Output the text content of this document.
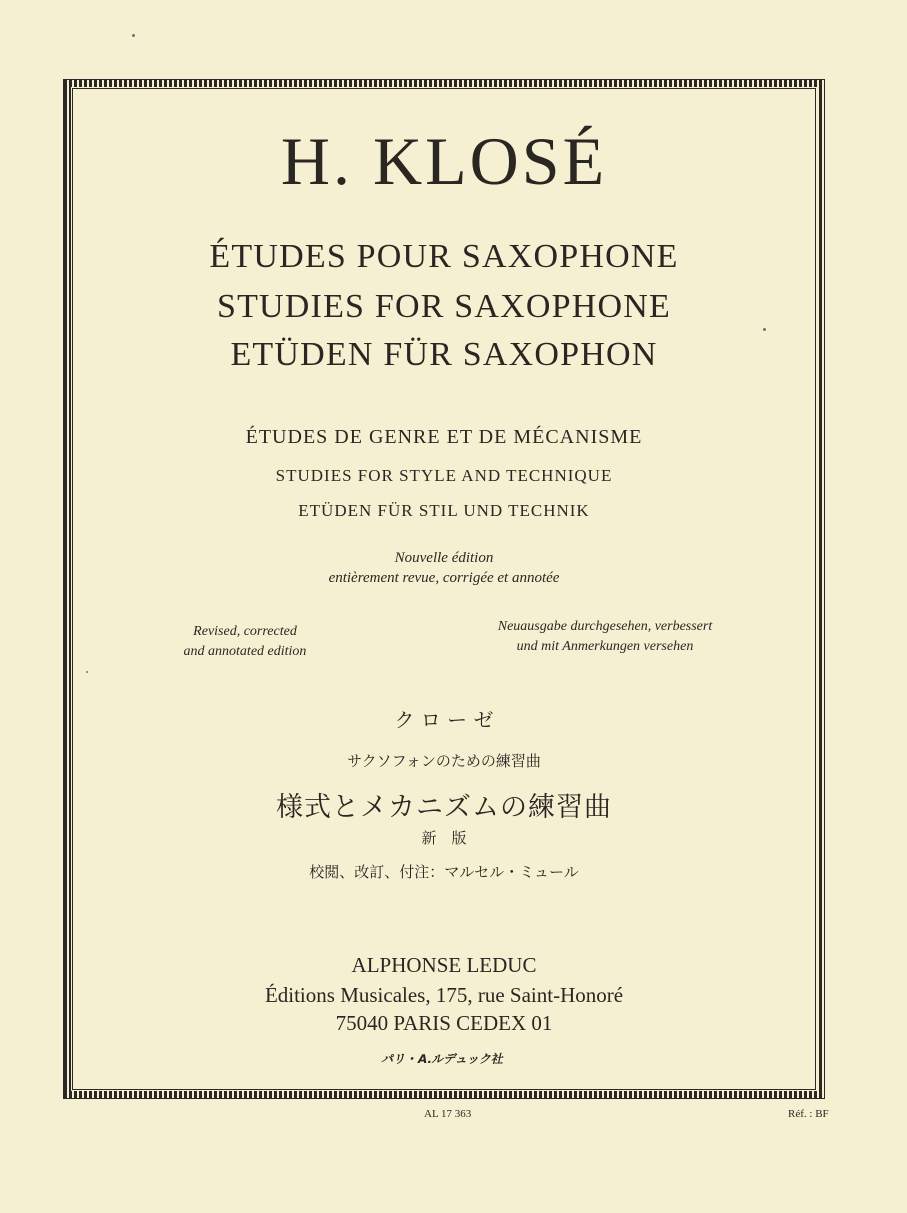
H. KLOSÉ
ÉTUDES POUR SAXOPHONE
STUDIES FOR SAXOPHONE
ETÜDEN FÜR SAXOPHON
ÉTUDES DE GENRE ET DE MÉCANISME
STUDIES FOR STYLE AND TECHNIQUE
ETÜDEN FÜR STIL UND TECHNIK
Nouvelle édition
entièrement revue, corrigée et annotée
Revised, corrected
and annotated edition
Neuausgabe durchgesehen, verbessert
und mit Anmerkungen versehen
ク ロ ー ゼ
サクソフォンのための練習曲
様式とメカニズムの練習曲
新　版
校閲、改訂、付注：マルセル・ミュール
ALPHONSE LEDUC
Éditions Musicales, 175, rue Saint-Honoré
75040 PARIS CEDEX 01
パリ・A.ルデュック社
AL 17 363	Réf. : BF
